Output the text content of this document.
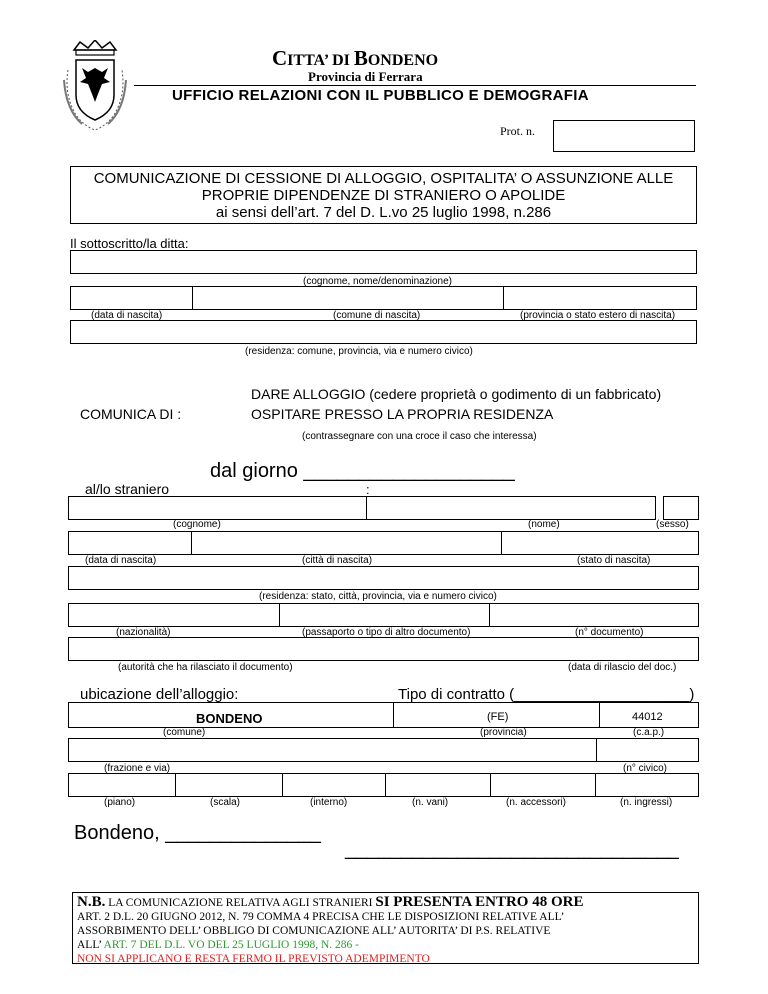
CITTA’ DI BONDENO
Provincia di Ferrara
UFFICIO RELAZIONI CON IL PUBBLICO E DEMOGRAFIA
Prot. n.
COMUNICAZIONE DI CESSIONE DI ALLOGGIO, OSPITALITA’ O ASSUNZIONE ALLE
PROPRIE DIPENDENZE DI STRANIERO O APOLIDE
ai sensi dell’art. 7 del D. L.vo 25 luglio 1998, n.286
Il sottoscritto/la ditta:
(cognome, nome/denominazione)
(data di nascita)	(comune di nascita)	(provincia o stato estero di nascita)
(residenza: comune, provincia, via e numero civico)
DARE ALLOGGIO (cedere proprietà o godimento di un fabbricato)
COMUNICA DI :	OSPITARE PRESSO LA PROPRIA RESIDENZA
(contrassegnare con una croce il caso che interessa)
dal giorno ___________________
al/lo straniero	:
(cognome)	(nome)	(sesso)
(data di nascita)	(città di nascita)	(stato di nascita)
(residenza: stato, città, provincia, via e numero civico)
(nazionalità)	(passaporto o tipo di altro documento)	(n° documento)
(autorità che ha rilasciato il documento)	(data di rilascio del doc.)
ubicazione dell’alloggio:	Tipo di contratto (_____________________)
BONDENO	(FE)	44012
(comune)	(provincia)	(c.a.p.)
(frazione e via)	(n° civico)
(piano)	(scala)	(interno)	(n. vani)	(n. accessori)	(n. ingressi)
Bondeno, ______________
______________________________
N.B. LA COMUNICAZIONE RELATIVA AGLI STRANIERI SI PRESENTA ENTRO 48 ORE
ART. 2 D.L. 20 GIUGNO 2012, N. 79 COMMA 4 PRECISA CHE LE DISPOSIZIONI RELATIVE ALL’
ASSORBIMENTO DELL’ OBBLIGO DI COMUNICAZIONE ALL’ AUTORITA’ DI P.S. RELATIVE
ALL’ ART. 7 DEL D.L. VO DEL 25 LUGLIO 1998, N. 286 -
NON SI APPLICANO E RESTA FERMO IL PREVISTO ADEMPIMENTO
